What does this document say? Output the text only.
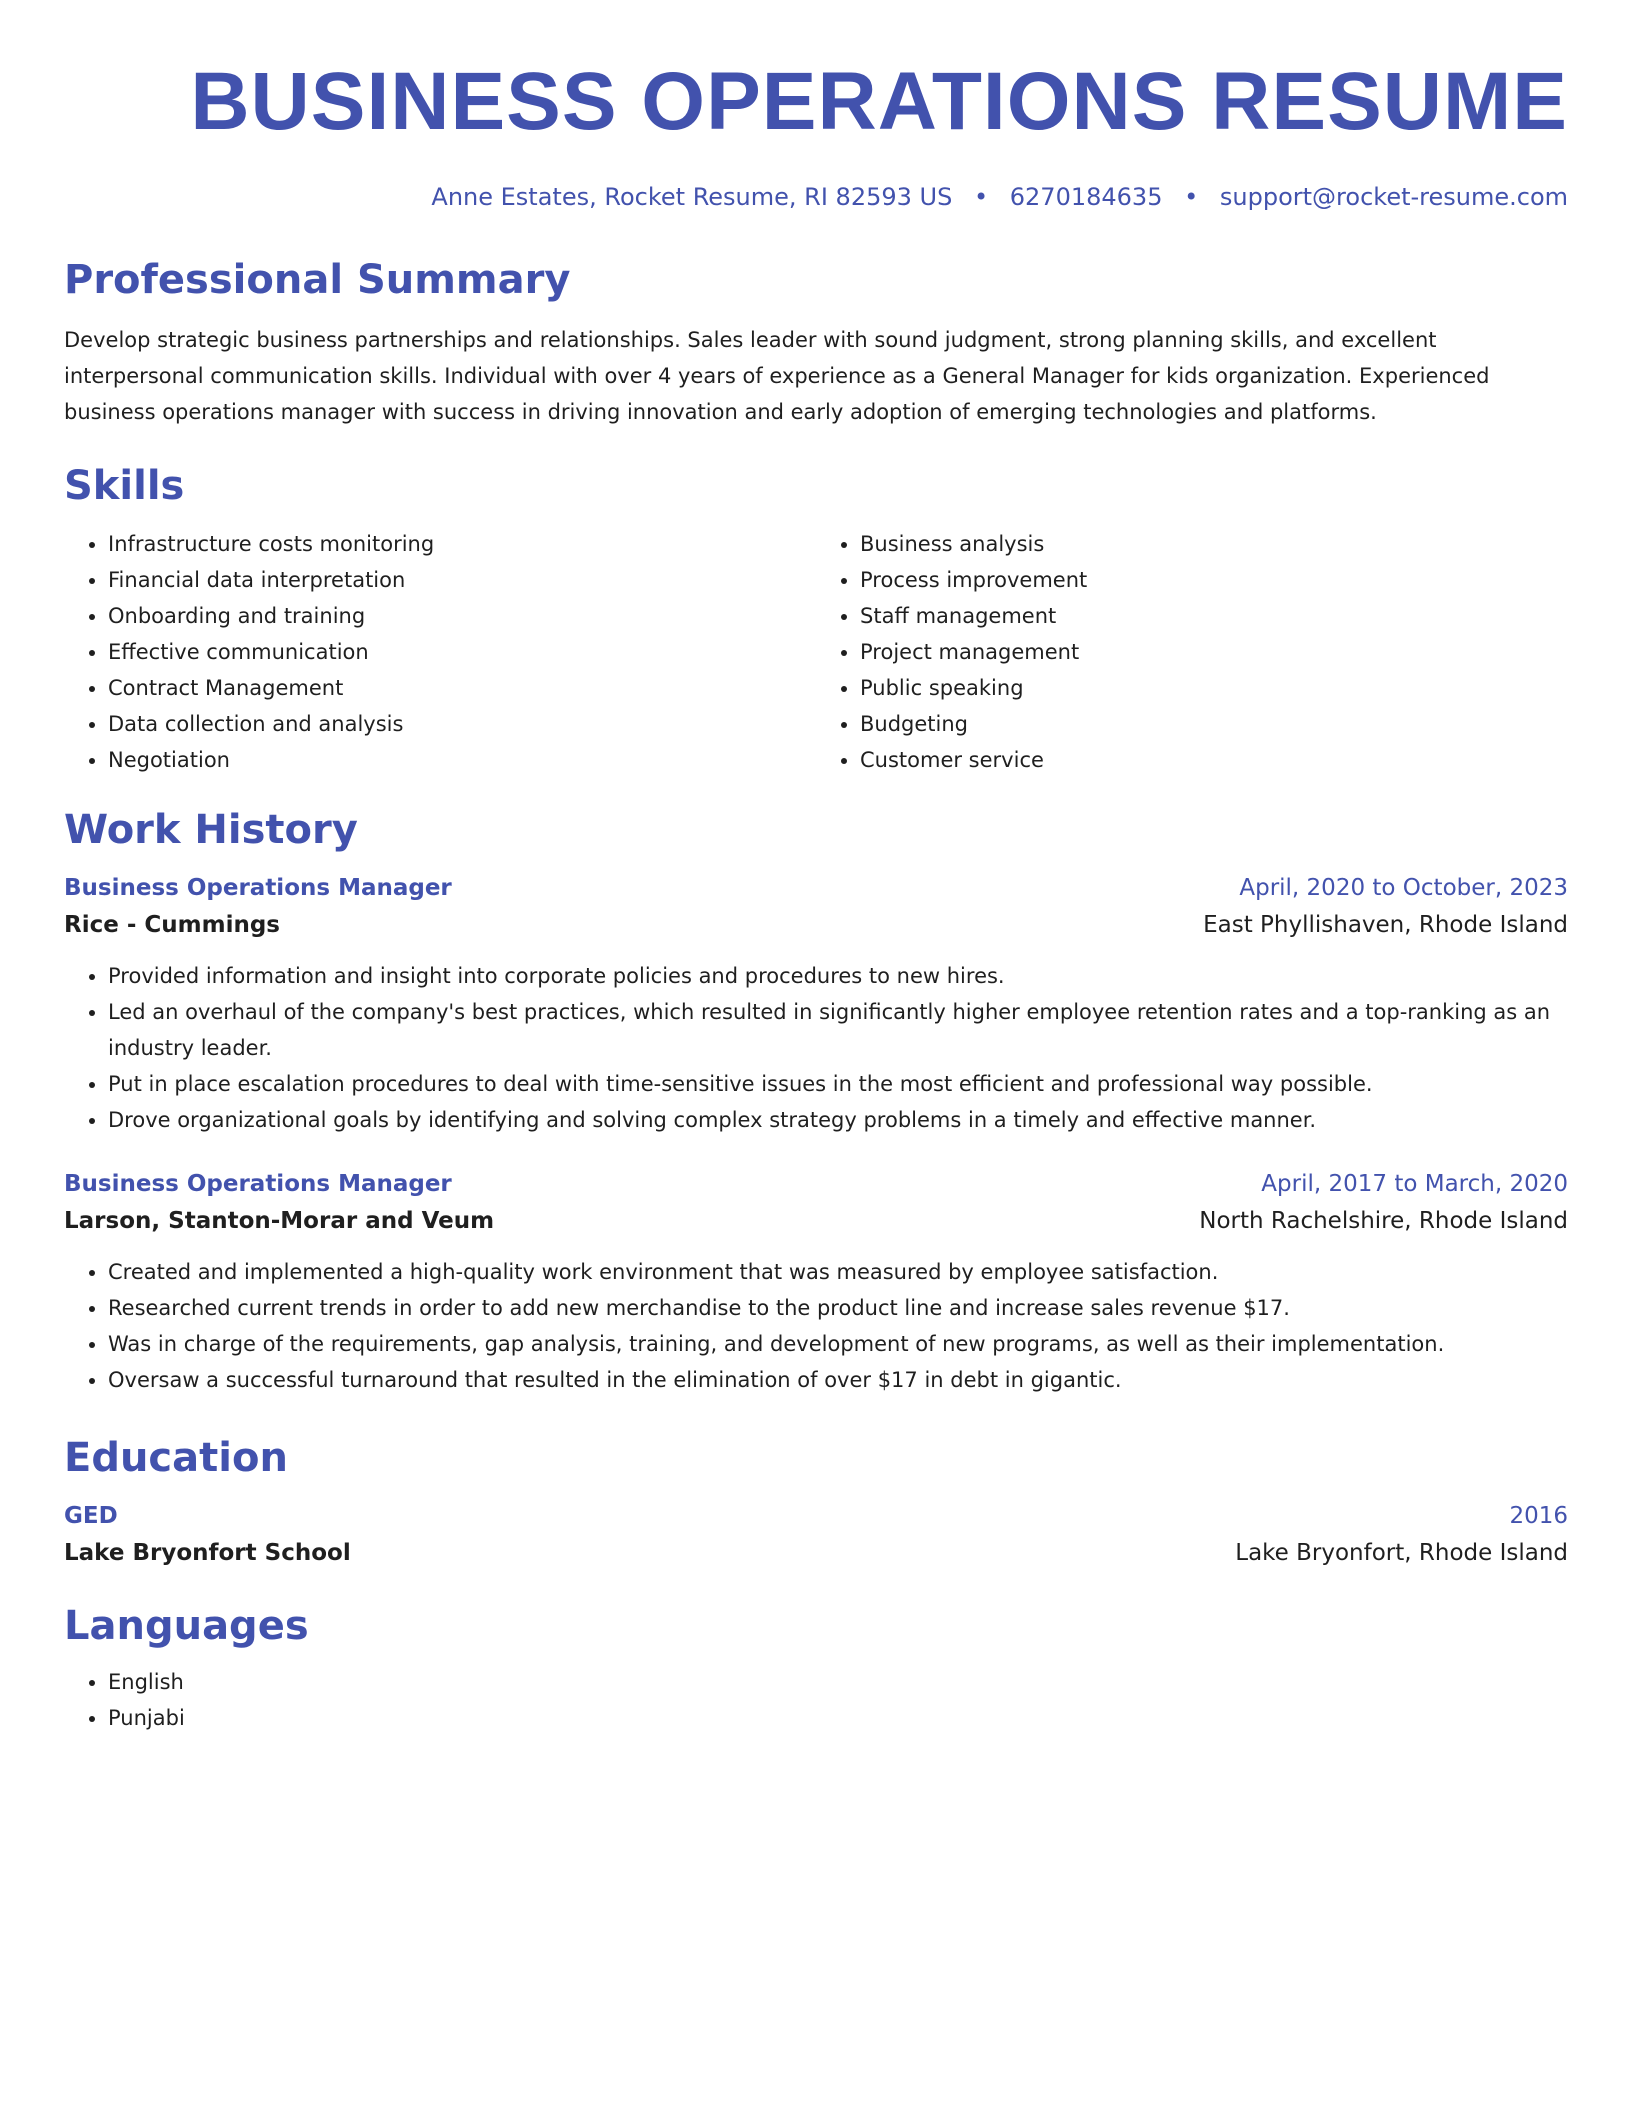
BUSINESS OPERATIONS RESUME
Anne Estates, Rocket Resume, RI 82593 US • 6270184635 • support@rocket-resume.com
Professional Summary
Develop strategic business partnerships and relationships. Sales leader with sound judgment, strong planning skills, and excellent interpersonal communication skills. Individual with over 4 years of experience as a General Manager for kids organization. Experienced business operations manager with success in driving innovation and early adoption of emerging technologies and platforms.
Skills
• Infrastructure costs monitoring
• Financial data interpretation
• Onboarding and training
• Effective communication
• Contract Management
• Data collection and analysis
• Negotiation
• Business analysis
• Process improvement
• Staff management
• Project management
• Public speaking
• Budgeting
• Customer service
Work History
Business Operations Manager	April, 2020 to October, 2023
Rice - Cummings	East Phyllishaven, Rhode Island
• Provided information and insight into corporate policies and procedures to new hires.
• Led an overhaul of the company's best practices, which resulted in significantly higher employee retention rates and a top-ranking as an industry leader.
• Put in place escalation procedures to deal with time-sensitive issues in the most efficient and professional way possible.
• Drove organizational goals by identifying and solving complex strategy problems in a timely and effective manner.
Business Operations Manager	April, 2017 to March, 2020
Larson, Stanton-Morar and Veum	North Rachelshire, Rhode Island
• Created and implemented a high-quality work environment that was measured by employee satisfaction.
• Researched current trends in order to add new merchandise to the product line and increase sales revenue $17.
• Was in charge of the requirements, gap analysis, training, and development of new programs, as well as their implementation.
• Oversaw a successful turnaround that resulted in the elimination of over $17 in debt in gigantic.
Education
GED	2016
Lake Bryonfort School	Lake Bryonfort, Rhode Island
Languages
• English
• Punjabi
